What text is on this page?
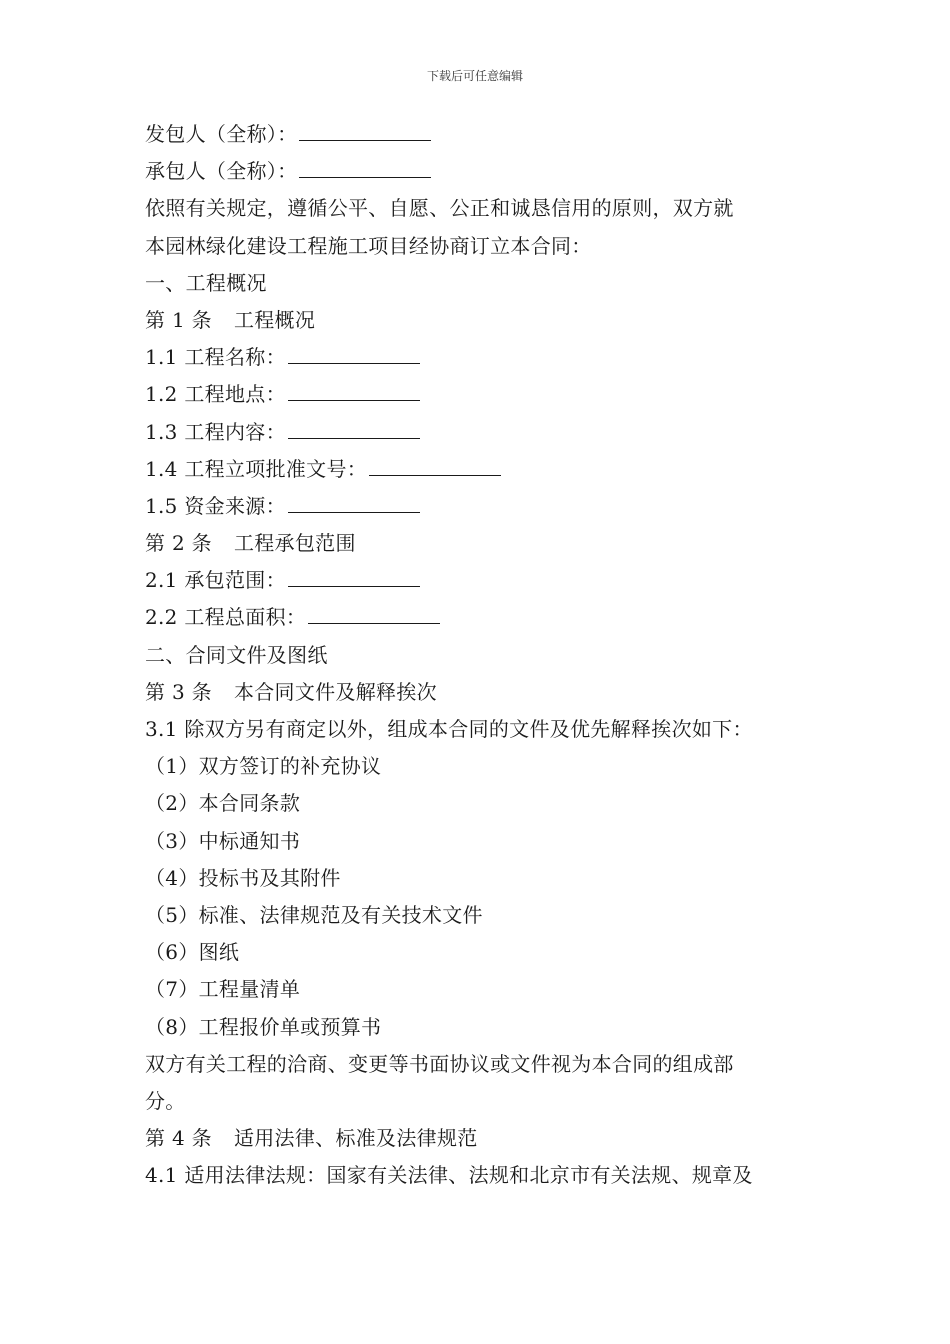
下载后可任意编辑
发包人（全称）：
承包人（全称）：
依照有关规定，遵循公平、自愿、公正和诚恳信用的原则，双方就
本园林绿化建设工程施工项目经协商订立本合同：
一、工程概况
第 1 条 工程概况
1.1 工程名称：
1.2 工程地点：
1.3 工程内容：
1.4 工程立项批准文号：
1.5 资金来源：
第 2 条 工程承包范围
2.1 承包范围：
2.2 工程总面积：
二、合同文件及图纸
第 3 条 本合同文件及解释挨次
3.1 除双方另有商定以外，组成本合同的文件及优先解释挨次如下：
（1）双方签订的补充协议
（2）本合同条款
（3）中标通知书
（4）投标书及其附件
（5）标准、法律规范及有关技术文件
（6）图纸
（7）工程量清单
（8）工程报价单或预算书
双方有关工程的洽商、变更等书面协议或文件视为本合同的组成部
分。
第 4 条 适用法律、标准及法律规范
4.1 适用法律法规：国家有关法律、法规和北京市有关法规、规章及
